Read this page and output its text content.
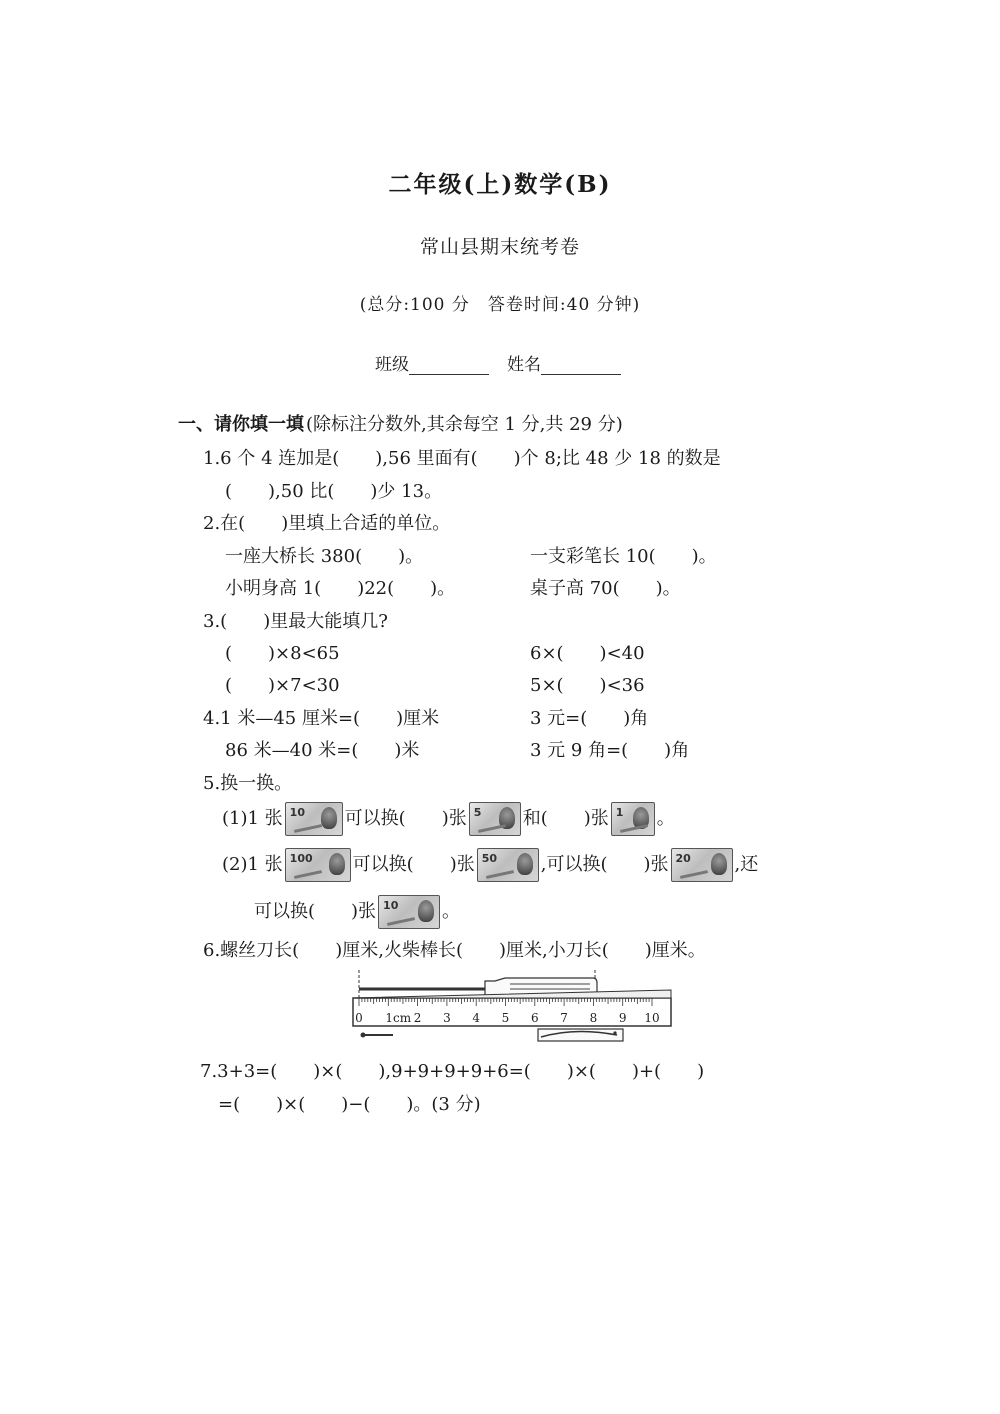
二年级(上)数学(B)
常山县期末统考卷
(总分:100 分　答卷时间:40 分钟)
班级	姓名
一、请你填一填 (除标注分数外,其余每空 1 分,共 29 分)
1.6 个 4 连加是(　　),56 里面有(　　)个 8;比 48 少 18 的数是
(　　),50 比(　　)少 13。
2.在(　　)里填上合适的单位。
一座大桥长 380(　　)。	一支彩笔长 10(　　)。
小明身高 1(　　)22(　　)。	桌子高 70(　　)。
3.(　　)里最大能填几?
(　　)×8<65	6×(　　)<40
(　　)×7<30	5×(　　)<36
4.1 米—45 厘米=(　　)厘米	3 元=(　　)角
86 米—40 米=(　　)米	3 元 9 角=(　　)角
5.换一换。
(1)1 张 10 可以换(　　)张 5 和(　　)张 1 。
(2)1 张 100 可以换(　　)张 50 ,可以换(　　)张 20 ,还
可以换(　　)张 10 。
6.螺丝刀长(　　)厘米,火柴棒长(　　)厘米,小刀长(　　)厘米。
0 1cm 2 3 4 5 6 7 8 9 10
7.3+3=(　　)×(　　),9+9+9+9+6=(　　)×(　　)+(　　)
=(　　)×(　　)−(　　)。(3 分)
